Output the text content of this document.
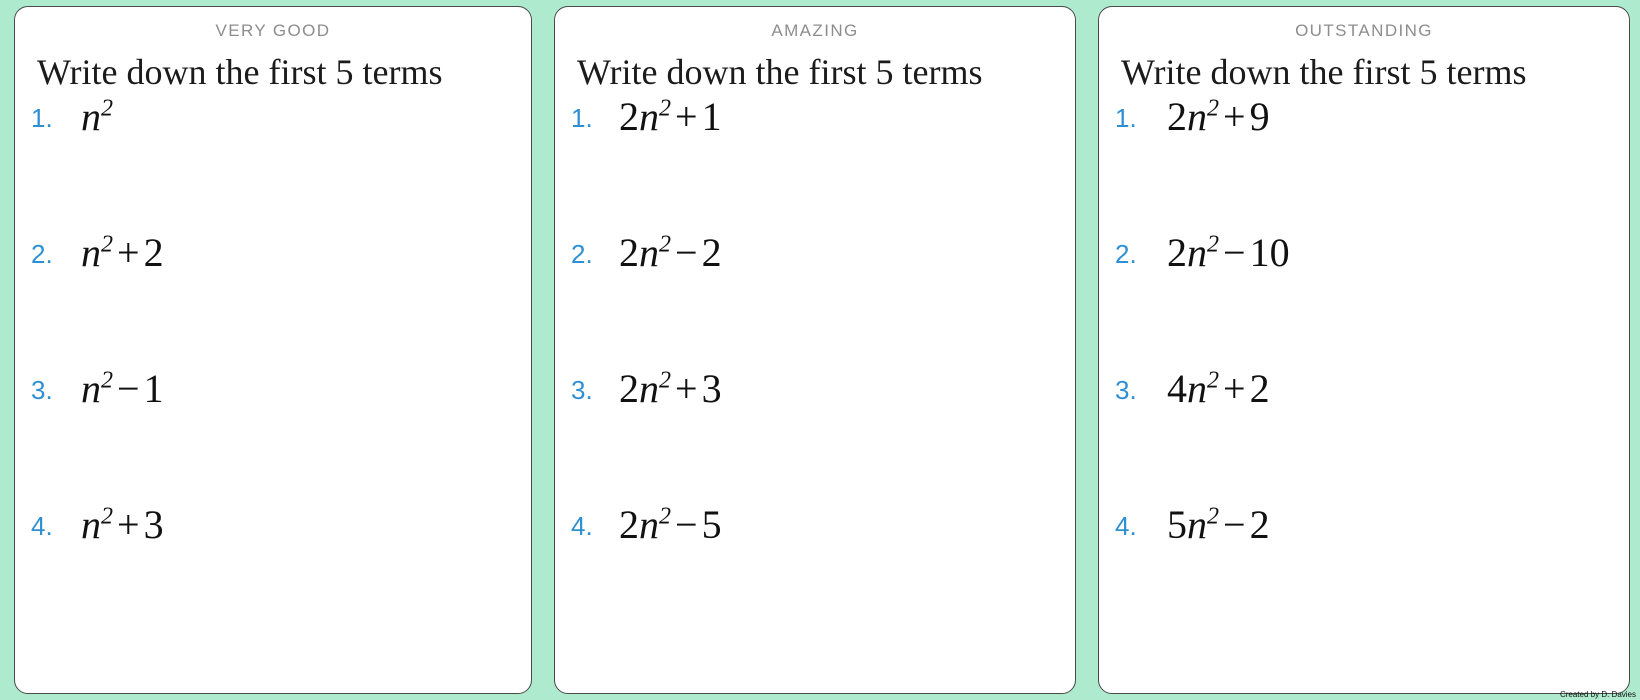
VERY GOOD
Write down the first 5 terms
1. $n^2$
2. $n^2 + 2$
3. $n^2 - 1$
4. $n^2 + 3$
AMAZING
Write down the first 5 terms
1. $2n^2 + 1$
2. $2n^2 - 2$
3. $2n^2 + 3$
4. $2n^2 - 5$
OUTSTANDING
Write down the first 5 terms
1. $2n^2 + 9$
2. $2n^2 - 10$
3. $4n^2 + 2$
4. $5n^2 - 2$
Created by D. Davies
